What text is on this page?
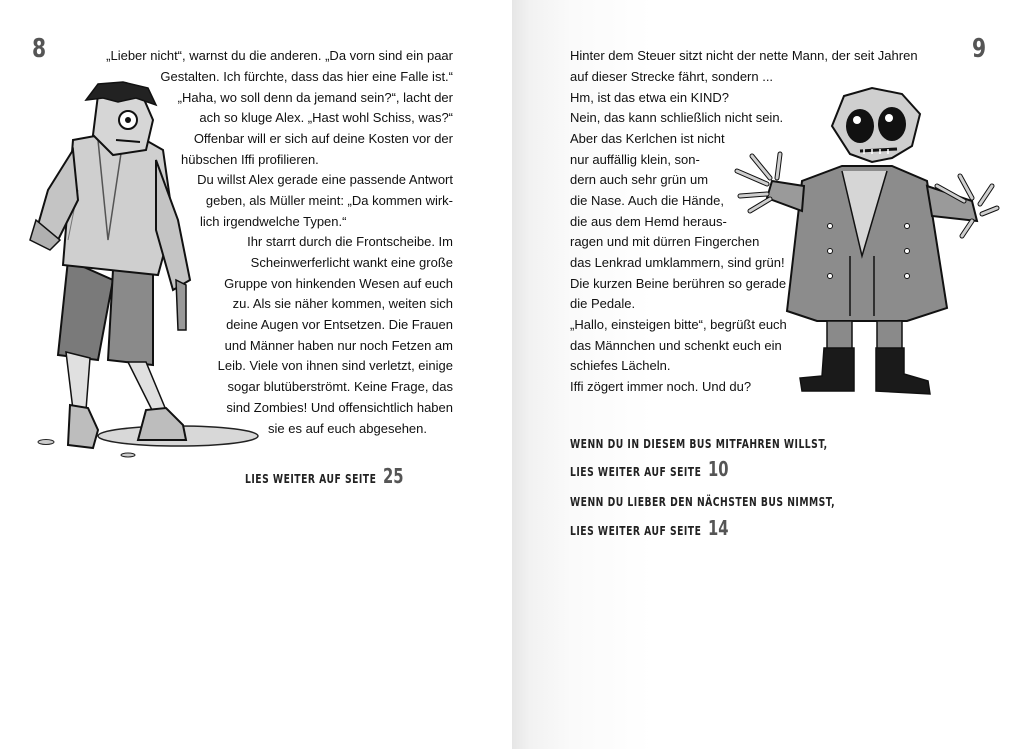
8	„Lieber nicht“, warnst du die anderen. „Da vorn sind ein paar
Gestalten. Ich fürchte, dass das hier eine Falle ist.“
„Haha, wo soll denn da jemand sein?“, lacht der
ach so kluge Alex. „Hast wohl Schiss, was?“
Offenbar will er sich auf deine Kosten vor der
hübschen Iffi profilieren.
Du willst Alex gerade eine passende Antwort
geben, als Müller meint: „Da kommen wirk-
lich irgendwelche Typen.“
Ihr starrt durch die Frontscheibe. Im
Scheinwerferlicht wankt eine große
Gruppe von hinkenden Wesen auf euch
zu. Als sie näher kommen, weiten sich
deine Augen vor Entsetzen. Die Frauen
und Männer haben nur noch Fetzen am
Leib. Viele von ihnen sind verletzt, einige
sogar blutüberströmt. Keine Frage, das
sind Zombies! Und offensichtlich haben
sie es auf euch abgesehen.
LIES WEITER AUF SEITE 25
9
Hinter dem Steuer sitzt nicht der nette Mann, der seit Jahren
auf dieser Strecke fährt, sondern ...
Hm, ist das etwa ein KIND?
Nein, das kann schließlich nicht sein.
Aber das Kerlchen ist nicht
nur auffällig klein, son-
dern auch sehr grün um
die Nase. Auch die Hände,
die aus dem Hemd heraus-
ragen und mit dürren Fingerchen
das Lenkrad umklammern, sind grün!
Die kurzen Beine berühren so gerade
die Pedale.
„Hallo, einsteigen bitte“, begrüßt euch
das Männchen und schenkt euch ein
schiefes Lächeln.
Iffi zögert immer noch. Und du?
WENN DU IN DIESEM BUS MITFAHREN WILLST,
LIES WEITER AUF SEITE 10
WENN DU LIEBER DEN NÄCHSTEN BUS NIMMST,
LIES WEITER AUF SEITE 14
